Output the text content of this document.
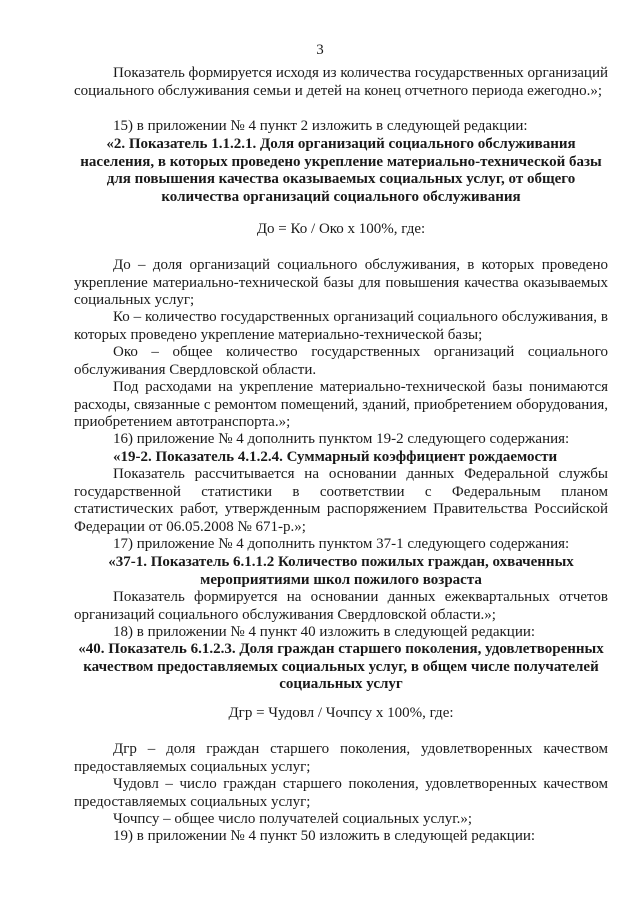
3
Показатель формируется исходя из количества государственных организаций социального обслуживания семьи и детей на конец отчетного периода ежегодно.»;
15) в приложении № 4 пункт 2 изложить в следующей редакции:
«2. Показатель 1.1.2.1. Доля организаций социального обслуживания населения, в которых проведено укрепление материально-технической базы для повышения качества оказываемых социальных услуг, от общего количества организаций социального обслуживания
До = Ко / Око х 100%, где:
До – доля организаций социального обслуживания, в которых проведено укрепление материально-технической базы для повышения качества оказываемых социальных услуг;
Ко – количество государственных организаций социального обслуживания, в которых проведено укрепление материально-технической базы;
Око – общее количество государственных организаций социального обслуживания Свердловской области.
Под расходами на укрепление материально-технической базы понимаются расходы, связанные с ремонтом помещений, зданий, приобретением оборудования, приобретением автотранспорта.»;
16) приложение № 4 дополнить пунктом 19-2 следующего содержания:
«19-2. Показатель 4.1.2.4. Суммарный коэффициент рождаемости
Показатель рассчитывается на основании данных Федеральной службы государственной статистики в соответствии с Федеральным планом статистических работ, утвержденным распоряжением Правительства Российской Федерации от 06.05.2008 № 671-р.»;
17) приложение № 4 дополнить пунктом 37-1 следующего содержания:
«37-1. Показатель 6.1.1.2 Количество пожилых граждан, охваченных мероприятиями школ пожилого возраста
Показатель формируется на основании данных ежеквартальных отчетов организаций социального обслуживания Свердловской области.»;
18) в приложении № 4 пункт 40 изложить в следующей редакции:
«40. Показатель 6.1.2.3. Доля граждан старшего поколения, удовлетворенных качеством предоставляемых социальных услуг, в общем числе получателей социальных услуг
Дгр = Чудовл / Чочпсу х 100%, где:
Дгр – доля граждан старшего поколения, удовлетворенных качеством предоставляемых социальных услуг;
Чудовл – число граждан старшего поколения, удовлетворенных качеством предоставляемых социальных услуг;
Чочпсу – общее число получателей социальных услуг.»;
19) в приложении № 4 пункт 50 изложить в следующей редакции:
